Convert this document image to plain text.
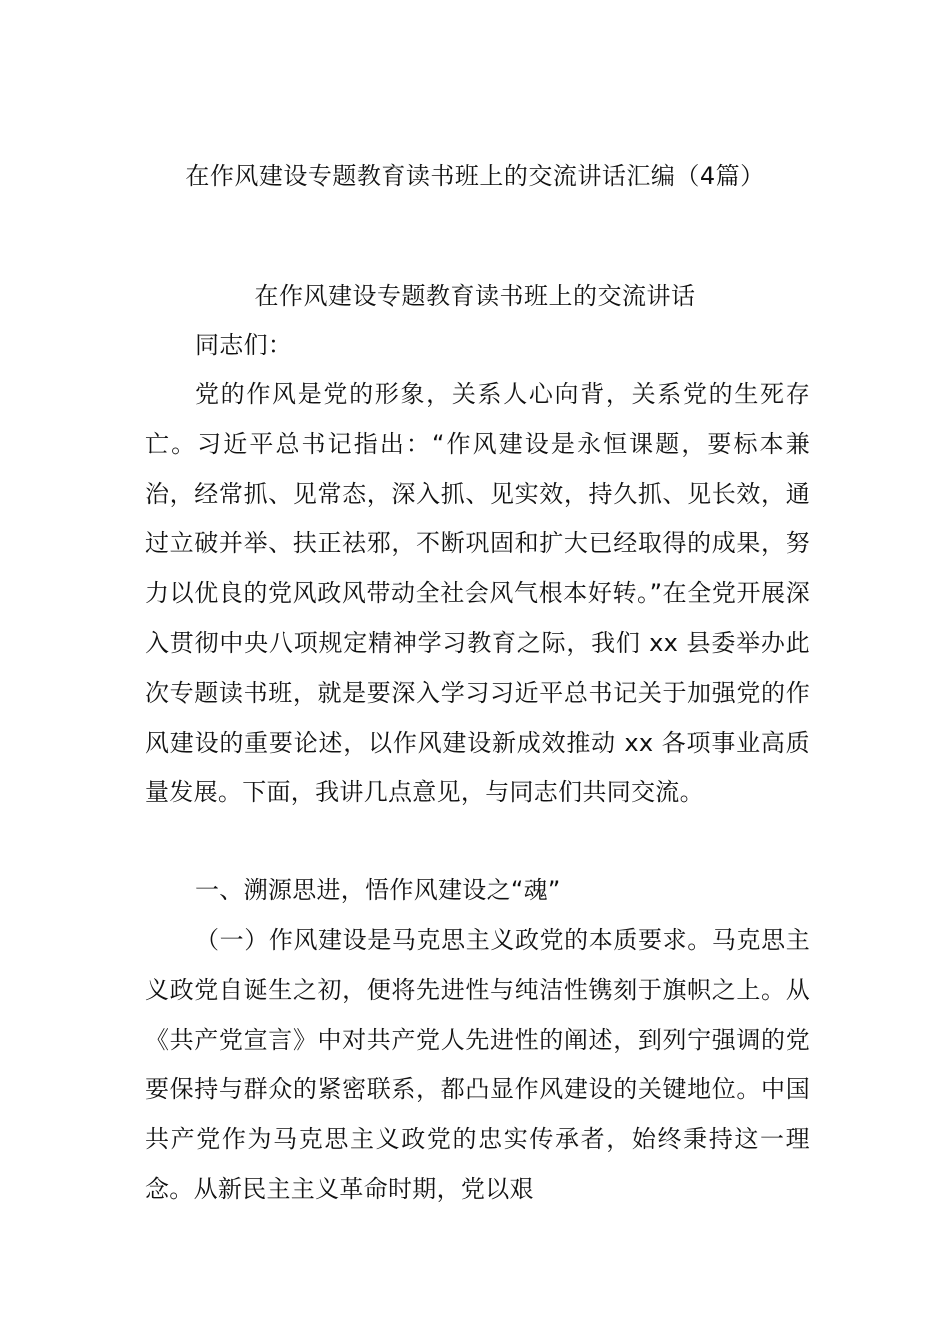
在作风建设专题教育读书班上的交流讲话汇编（4篇）
在作风建设专题教育读书班上的交流讲话
同志们：
党的作风是党的形象，关系人心向背，关系党的生死存亡。习近平总书记指出：“作风建设是永恒课题，要标本兼治，经常抓、见常态，深入抓、见实效，持久抓、见长效，通过立破并举、扶正祛邪，不断巩固和扩大已经取得的成果，努力以优良的党风政风带动全社会风气根本好转。”在全党开展深入贯彻中央八项规定精神学习教育之际，我们 xx 县委举办此次专题读书班，就是要深入学习习近平总书记关于加强党的作风建设的重要论述，以作风建设新成效推动 xx 各项事业高质量发展。下面，我讲几点意见，与同志们共同交流。
一、溯源思进，悟作风建设之“魂”
（一）作风建设是马克思主义政党的本质要求。马克思主义政党自诞生之初，便将先进性与纯洁性镌刻于旗帜之上。从《共产党宣言》中对共产党人先进性的阐述，到列宁强调的党要保持与群众的紧密联系，都凸显作风建设的关键地位。中国共产党作为马克思主义政党的忠实传承者，始终秉持这一理念。从新民主主义革命时期，党以艰
